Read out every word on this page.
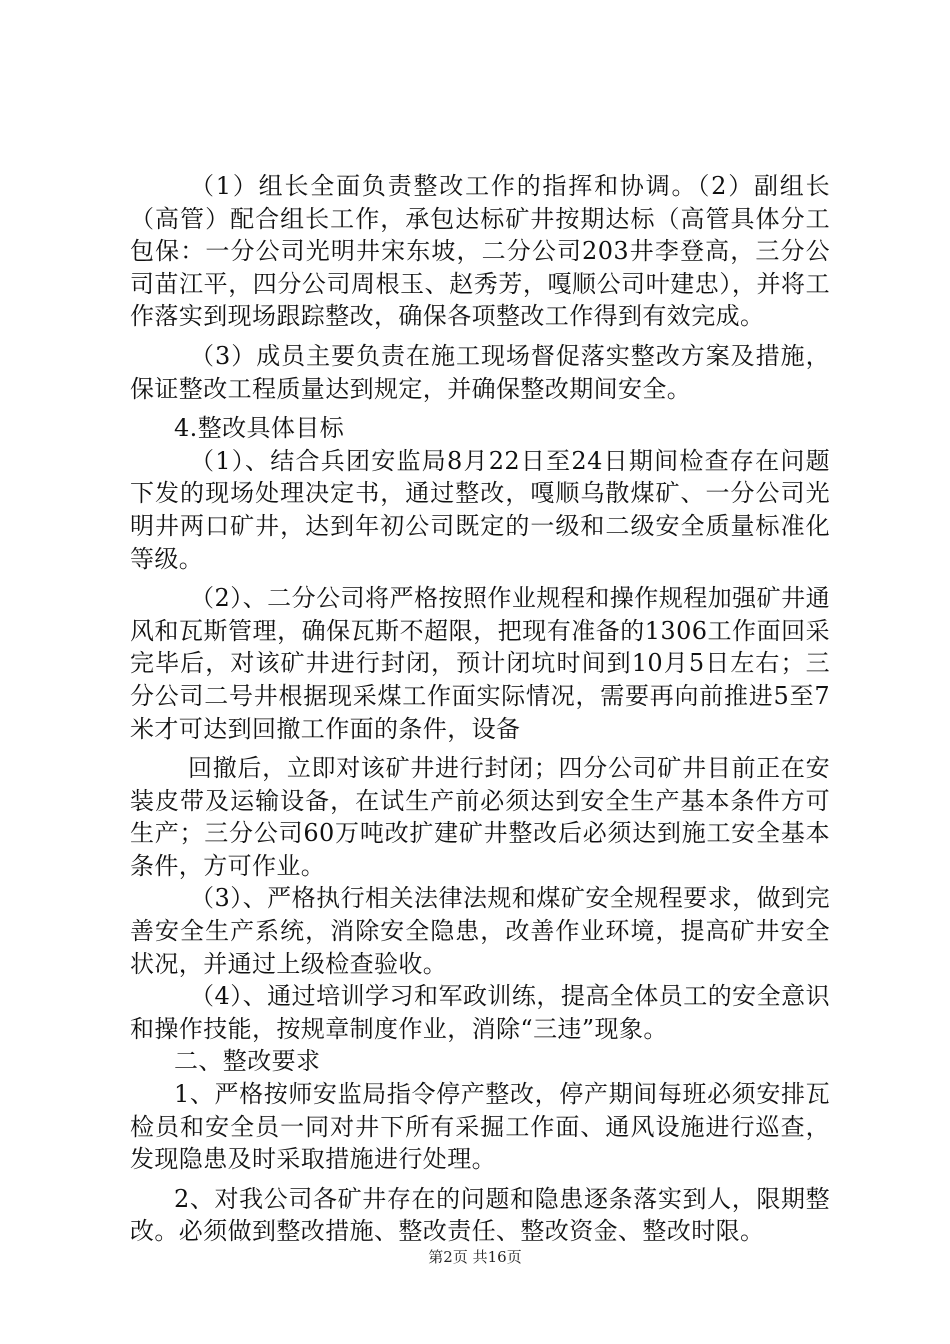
（1）组长全面负责整改工作的指挥和协调。（2）副组长（高管）配合组长工作，承包达标矿井按期达标（高管具体分工包保：一分公司光明井宋东坡，二分公司203井李登高，三分公司苗江平，四分公司周根玉、赵秀芳，嘎顺公司叶建忠），并将工作落实到现场跟踪整改，确保各项整改工作得到有效完成。

（3）成员主要负责在施工现场督促落实整改方案及措施，保证整改工程质量达到规定，并确保整改期间安全。

4.整改具体目标

（1）、结合兵团安监局8月22日至24日期间检查存在问题下发的现场处理决定书，通过整改，嘎顺乌散煤矿、一分公司光明井两口矿井，达到年初公司既定的一级和二级安全质量标准化等级。

（2）、二分公司将严格按照作业规程和操作规程加强矿井通风和瓦斯管理，确保瓦斯不超限，把现有准备的1306工作面回采完毕后，对该矿井进行封闭，预计闭坑时间到10月5日左右；三分公司二号井根据现采煤工作面实际情况，需要再向前推进5至7米才可达到回撤工作面的条件，设备

回撤后，立即对该矿井进行封闭；四分公司矿井目前正在安装皮带及运输设备，在试生产前必须达到安全生产基本条件方可生产；三分公司60万吨改扩建矿井整改后必须达到施工安全基本条件，方可作业。

（3）、严格执行相关法律法规和煤矿安全规程要求，做到完善安全生产系统，消除安全隐患，改善作业环境，提高矿井安全状况，并通过上级检查验收。

（4）、通过培训学习和军政训练，提高全体员工的安全意识和操作技能，按规章制度作业，消除“三违”现象。

二、整改要求

1、严格按师安监局指令停产整改，停产期间每班必须安排瓦检员和安全员一同对井下所有采掘工作面、通风设施进行巡查，发现隐患及时采取措施进行处理。

2、对我公司各矿井存在的问题和隐患逐条落实到人，限期整改。必须做到整改措施、整改责任、整改资金、整改时限。

第2页 共16页
